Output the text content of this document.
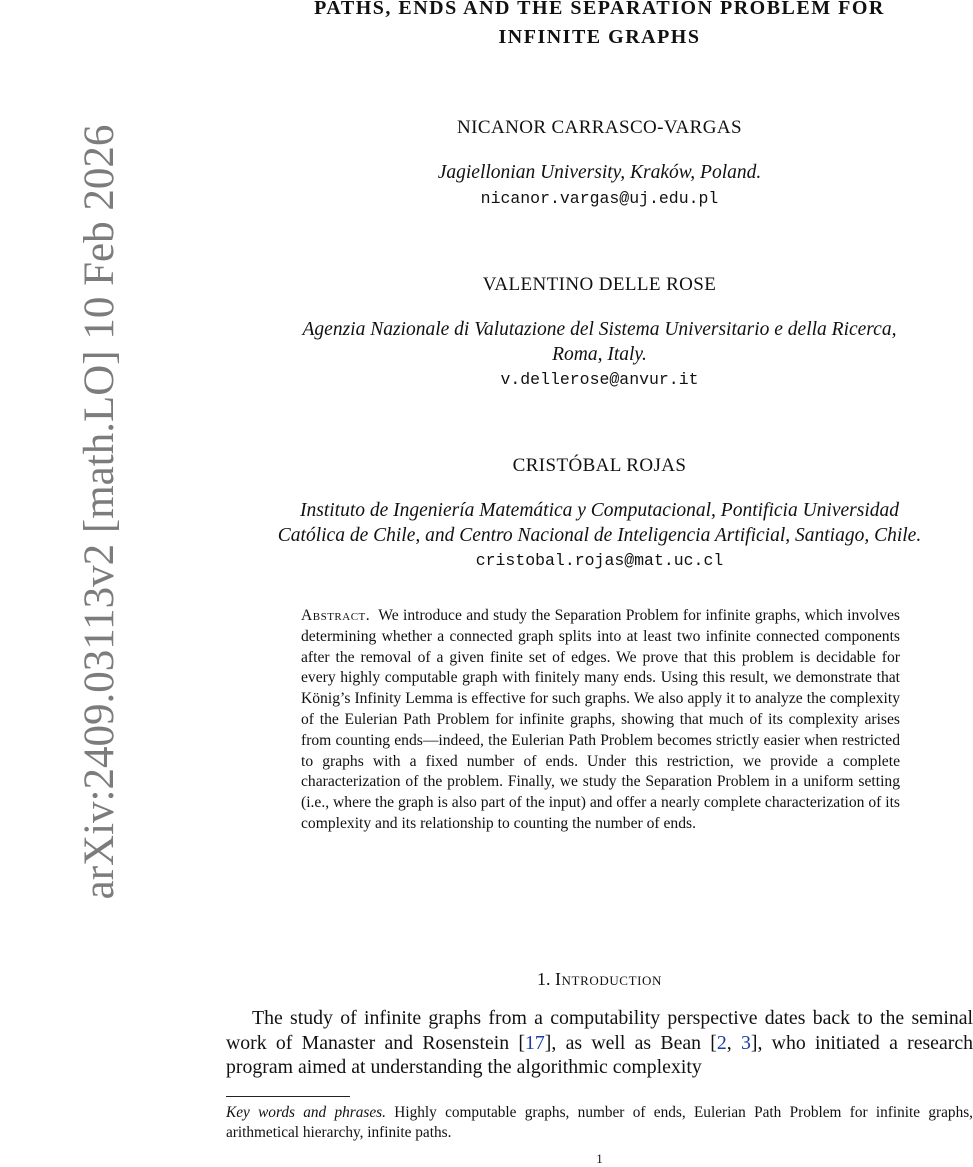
arXiv:2409.03113v2 [math.LO] 10 Feb 2026
PATHS, ENDS AND THE SEPARATION PROBLEM FOR
INFINITE GRAPHS
NICANOR CARRASCO-VARGAS
Jagiellonian University, Kraków, Poland.
nicanor.vargas@uj.edu.pl
VALENTINO DELLE ROSE
Agenzia Nazionale di Valutazione del Sistema Universitario e della Ricerca,
Roma, Italy.
v.dellerose@anvur.it
CRISTÓBAL ROJAS
Instituto de Ingeniería Matemática y Computacional, Pontificia Universidad
Católica de Chile, and Centro Nacional de Inteligencia Artificial, Santiago, Chile.
cristobal.rojas@mat.uc.cl
Abstract. We introduce and study the Separation Problem for infinite graphs, which involves determining whether a connected graph splits into at least two infinite connected components after the removal of a given finite set of edges. We prove that this problem is decidable for every highly computable graph with finitely many ends. Using this result, we demonstrate that König’s Infinity Lemma is effective for such graphs. We also apply it to analyze the complexity of the Eulerian Path Problem for infinite graphs, showing that much of its complexity arises from counting ends—indeed, the Eulerian Path Problem becomes strictly easier when restricted to graphs with a fixed number of ends. Under this restriction, we provide a complete characterization of the problem. Finally, we study the Separation Problem in a uniform setting (i.e., where the graph is also part of the input) and offer a nearly complete characterization of its complexity and its relationship to counting the number of ends.
1. Introduction
The study of infinite graphs from a computability perspective dates back to the seminal work of Manaster and Rosenstein [17], as well as Bean [2, 3], who initiated a research program aimed at understanding the algorithmic complexity
Key words and phrases. Highly computable graphs, number of ends, Eulerian Path Problem for infinite graphs, arithmetical hierarchy, infinite paths.
1
